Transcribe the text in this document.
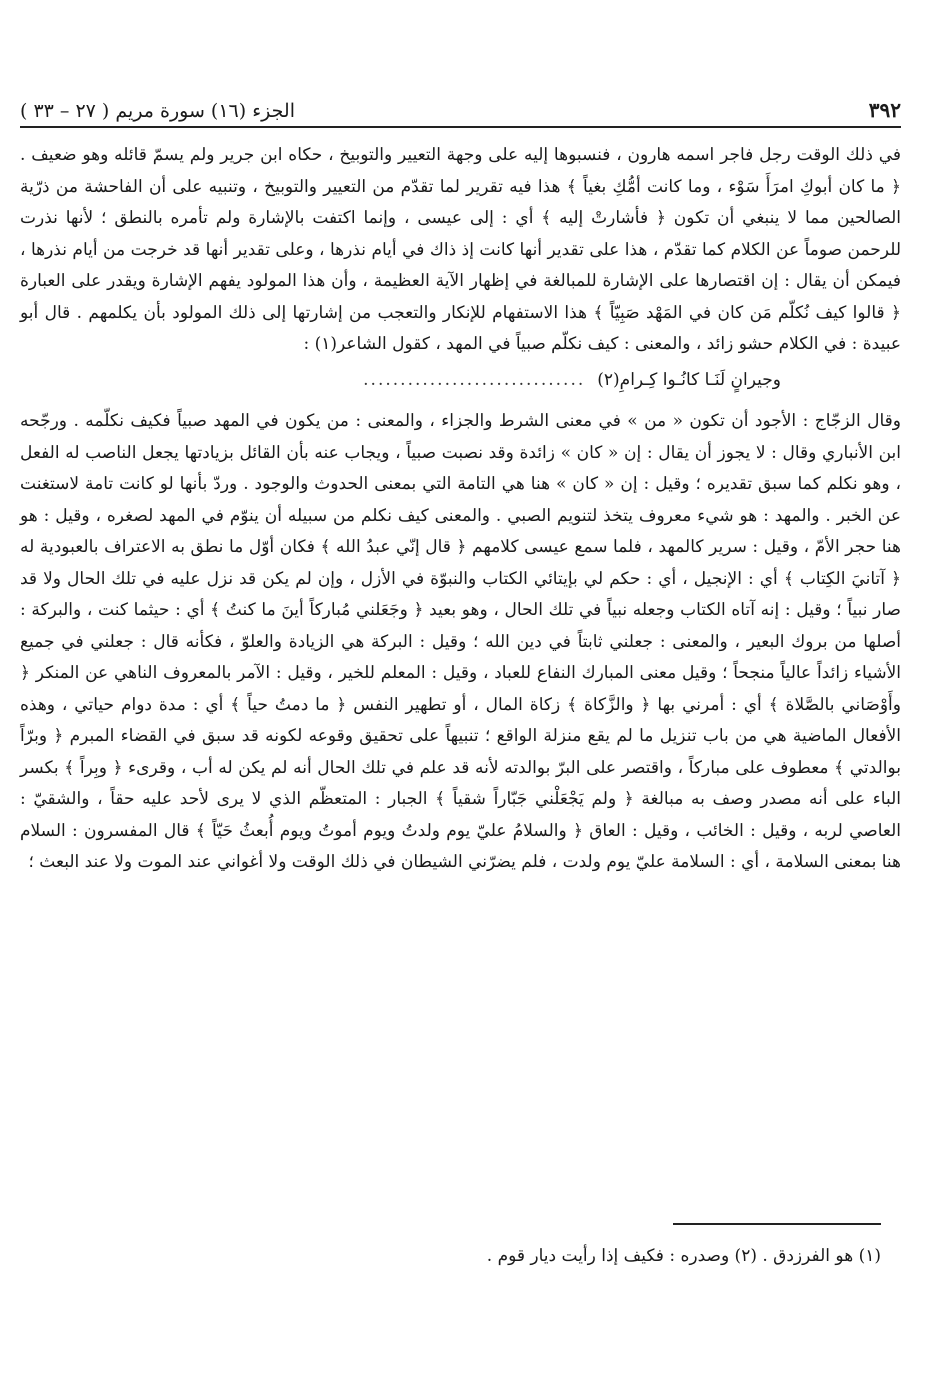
٣٩٢
الجزء (١٦) سورة مريم ( ٢٧ – ٣٣ )

في ذلك الوقت رجل فاجر اسمه هارون ، فنسبوها إليه على وجهة التعيير والتوبيخ ، حكاه ابن جرير ولم يسمّ قائله وهو ضعيف . ﴿ ما كان أبوكِ امرَأَ سَوْء ، وما كانت أمُّكِ بغياً ﴾ هذا فيه تقرير لما تقدّم من التعيير والتوبيخ ، وتنبيه على أن الفاحشة من ذرّية الصالحين مما لا ينبغي أن تكون ﴿ فأشارتْ إليه ﴾ أي : إلى عيسى ، وإنما اكتفت بالإشارة ولم تأمره بالنطق ؛ لأنها نذرت للرحمن صوماً عن الكلام كما تقدّم ، هذا على تقدير أنها كانت إذ ذاك في أيام نذرها ، وعلى تقدير أنها قد خرجت من أيام نذرها ، فيمكن أن يقال : إن اقتصارها على الإشارة للمبالغة في إظهار الآية العظيمة ، وأن هذا المولود يفهم الإشارة ويقدر على العبارة ﴿ قالوا كيف نُكلّم مَن كان في المَهْد صَبِيّاً ﴾ هذا الاستفهام للإنكار والتعجب من إشارتها إلى ذلك المولود بأن يكلمهم . قال أبو عبيدة : في الكلام حشو زائد ، والمعنى : كيف نكلّم صبياً في المهد ، كقول الشاعر(١) :

وجيرانٍ لَنَـا كانُـوا كِـرامِ(٢)
..............................

وقال الزجّاج : الأجود أن تكون « من » في معنى الشرط والجزاء ، والمعنى : من يكون في المهد صبياً فكيف نكلّمه . ورجّحه ابن الأنباري وقال : لا يجوز أن يقال : إن « كان » زائدة وقد نصبت صبياً ، ويجاب عنه بأن القائل بزيادتها يجعل الناصب له الفعل ، وهو نكلم كما سبق تقديره ؛ وقيل : إن « كان » هنا هي التامة التي بمعنى الحدوث والوجود . وردّ بأنها لو كانت تامة لاستغنت عن الخبر . والمهد : هو شيء معروف يتخذ لتنويم الصبي . والمعنى كيف نكلم من سبيله أن ينوّم في المهد لصغره ، وقيل : هو هنا حجر الأمّ ، وقيل : سرير كالمهد ، فلما سمع عيسى كلامهم ﴿ قال إنّي عبدُ الله ﴾ فكان أوّل ما نطق به الاعتراف بالعبودية له ﴿ آتانيَ الكِتاب ﴾ أي : الإنجيل ، أي : حكم لي بإيتائي الكتاب والنبوّة في الأزل ، وإن لم يكن قد نزل عليه في تلك الحال ولا قد صار نبياً ؛ وقيل : إنه آتاه الكتاب وجعله نبياً في تلك الحال ، وهو بعيد ﴿ وجَعَلني مُباركاً أينَ ما كنتُ ﴾ أي : حيثما كنت ، والبركة : أصلها من بروك البعير ، والمعنى : جعلني ثابتاً في دين الله ؛ وقيل : البركة هي الزيادة والعلوّ ، فكأنه قال : جعلني في جميع الأشياء زائداً عالياً منجحاً ؛ وقيل معنى المبارك النفاع للعباد ، وقيل : المعلم للخير ، وقيل : الآمر بالمعروف الناهي عن المنكر ﴿ وأَوْصَاني بالصَّلاة ﴾ أي : أمرني بها ﴿ والزَّكاة ﴾ زكاة المال ، أو تطهير النفس ﴿ ما دمتُ حياً ﴾ أي : مدة دوام حياتي ، وهذه الأفعال الماضية هي من باب تنزيل ما لم يقع منزلة الواقع ؛ تنبيهاً على تحقيق وقوعه لكونه قد سبق في القضاء المبرم ﴿ وبرّاً بوالدتي ﴾ معطوف على مباركاً ، واقتصر على البرّ بوالدته لأنه قد علم في تلك الحال أنه لم يكن له أب ، وقرىء ﴿ وبِراً ﴾ بكسر الباء على أنه مصدر وصف به مبالغة ﴿ ولم يَجْعَلْني جَبّاراً شقياً ﴾ الجبار : المتعظّم الذي لا يرى لأحد عليه حقاً ، والشقيّ : العاصي لربه ، وقيل : الخائب ، وقيل : العاق ﴿ والسلامُ عليّ يوم ولدتُ ويوم أموتُ ويوم أُبعثُ حَيّاً ﴾ قال المفسرون : السلام هنا بمعنى السلامة ، أي : السلامة عليّ يوم ولدت ، فلم يضرّني الشيطان في ذلك الوقت ولا أغواني عند الموت ولا عند البعث ؛

(١) هو الفرزدق . (٢) وصدره : فكيف إذا رأيت ديار قوم .
